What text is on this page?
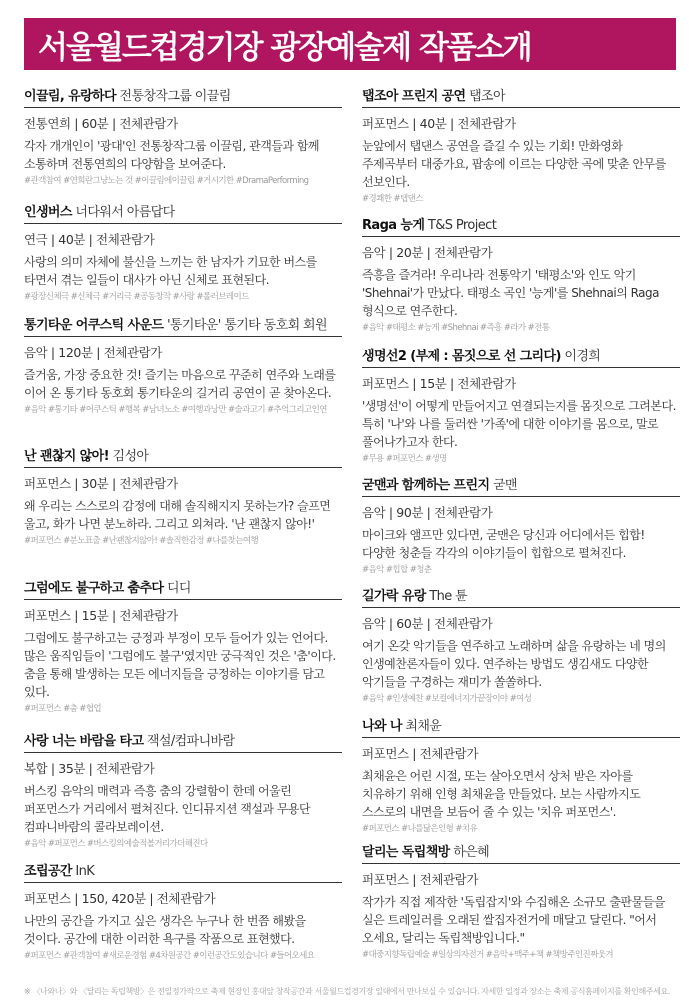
서울월드컵경기장 광장예술제 작품소개
이끌림, 유랑하다 전통창작그룹 이끌림
전통연희 | 60분 | 전체관람가
각자 개개인이 '광대'인 전통창작그룹 이끌림, 관객들과 함께 소통하며 전통연희의 다양함을 보여준다.
#관객참여 #연희란그냥노는 것 #이끌림에이끌림 #거시기한 #DramaPerforming
인생버스 너다워서 아름답다
연극 | 40분 | 전체관람가
사랑의 의미 자체에 불신을 느끼는 한 남자가 기묘한 버스를 타면서 겪는 일들이 대사가 아닌 신체로 표현된다.
#광장신체극 #신체극 #거리극 #공동창작 #사랑 #롤러브레이드
통기타운 어쿠스틱 사운드 '통기타운' 통기타 동호회 회원
음악 | 120분 | 전체관람가
즐거움, 가장 중요한 것! 즐기는 마음으로 꾸준히 연주와 노래를 이어 온 통기타 동호회 통기타운의 길거리 공연이 곧 찾아온다.
#음악 #통기타 #어쿠스틱 #행복 #남녀노소 #여행과낭만 #술과고기 #추억그리고인연
난 괜찮지 않아! 김성아
퍼포먼스 | 30분 | 전체관람가
왜 우리는 스스로의 감정에 대해 솔직해지지 못하는가? 슬프면 울고, 화가 나면 분노하라. 그리고 외쳐라. '난 괜찮지 않아!'
#퍼포먼스 #분노표출 #난괜찮지않아! #솔직한감정 #나를찾는여행
그럼에도 불구하고 춤추다 디디
퍼포먼스 | 15분 | 전체관람가
그럼에도 불구하고는 긍정과 부정이 모두 들어가 있는 언어다. 많은 움직임들이 '그럼에도 불구'였지만 궁극적인 것은 '춤'이다. 춤을 통해 발생하는 모든 에너지들을 긍정하는 이야기를 담고 있다.
#퍼포먼스 #춤 #협업
사랑 너는 바람을 타고 잭설/컴파니바람
복합 | 35분 | 전체관람가
버스킹 음악의 매력과 즉흥 춤의 강렬함이 한데 어울린 퍼포먼스가 거리에서 펼쳐진다. 인디뮤지션 잭설과 무용단 컴파니바람의 콜라보레이션.
#음악 #퍼포먼스 #버스킹의예술적볼거리가더해진다
조립공간 InK
퍼포먼스 | 150, 420분 | 전체관람가
나만의 공간을 가지고 싶은 생각은 누구나 한 번쯤 해봤을 것이다. 공간에 대한 이러한 욕구를 작품으로 표현했다.
#퍼포먼스 #관객참여 #새로운경험 #4차원공간 #이런공간도있습니다 #들어오세요
탭조아 프린지 공연 탭조아
퍼포먼스 | 40분 | 전체관람가
눈앞에서 탭댄스 공연을 즐길 수 있는 기회! 만화영화 주제곡부터 대중가요, 팝송에 이르는 다양한 곡에 맞춘 안무를 선보인다.
#경쾌한 #탭댄스
Raga 능게 T&S Project
음악 | 20분 | 전체관람가
즉흥을 즐겨라! 우리나라 전통악기 '태평소'와 인도 악기 'Shehnai'가 만났다. 태평소 곡인 '능게'를 Shehnai의 Raga 형식으로 연주한다.
#음악 #태평소 #능게 #Shehnai #즉흥 #라가 #전통
생명선2 (부제 : 몸짓으로 선 그리다) 이경희
퍼포먼스 | 15분 | 전체관람가
'생명선'이 어떻게 만들어지고 연결되는지를 몸짓으로 그려본다. 특히 '나'와 나를 둘러싼 '가족'에 대한 이야기를 몸으로, 말로 풀어나가고자 한다.
#무용 #퍼포먼스 #생명
굳맨과 함께하는 프린지 굳맨
음악 | 90분 | 전체관람가
마이크와 앰프만 있다면, 굳맨은 당신과 어디에서든 힙합! 다양한 청춘들 각각의 이야기들이 힙합으로 펼쳐진다.
#음악 #힙합 #청춘
길가락 유랑 The 튠
음악 | 60분 | 전체관람가
여기 온갖 악기들을 연주하고 노래하며 삶을 유랑하는 네 명의 인생예찬론자들이 있다. 연주하는 방법도 생김새도 다양한 악기들을 구경하는 재미가 쏠쏠하다.
#음악 #인생예찬 #보컬에너지가끝장이야 #여성
나와 나 최채윤
퍼포먼스 | 전체관람가
최채윤은 어린 시절, 또는 살아오면서 상처 받은 자아를 치유하기 위해 인형 최채윤을 만들었다. 보는 사람까지도 스스로의 내면을 보듬어 줄 수 있는 '치유 퍼포먼스'.
#퍼포먼스 #나를닮은인형 #치유
달리는 독립책방 하은혜
퍼포먼스 | 전체관람가
작가가 직접 제작한 '독립잡지'와 수집해온 소규모 출판물들을 실은 트레일러를 오래된 쌀집자전거에 매달고 달린다. "어서 오세요, 달리는 독립책방입니다."
#대중지향독립예술 #일상의자전거 #음악+맥주+책 #책방주인진짜웃겨
※ 〈나와나〉와 〈달리는 독립책방〉은 전일정가작으로 축제 현장인 홍대앞 창작공간과 서울월드컵경기장 일대에서 만나보실 수 있습니다. 자세한 일정과 장소는 축제 공식홈페이지를 확인해주세요.
